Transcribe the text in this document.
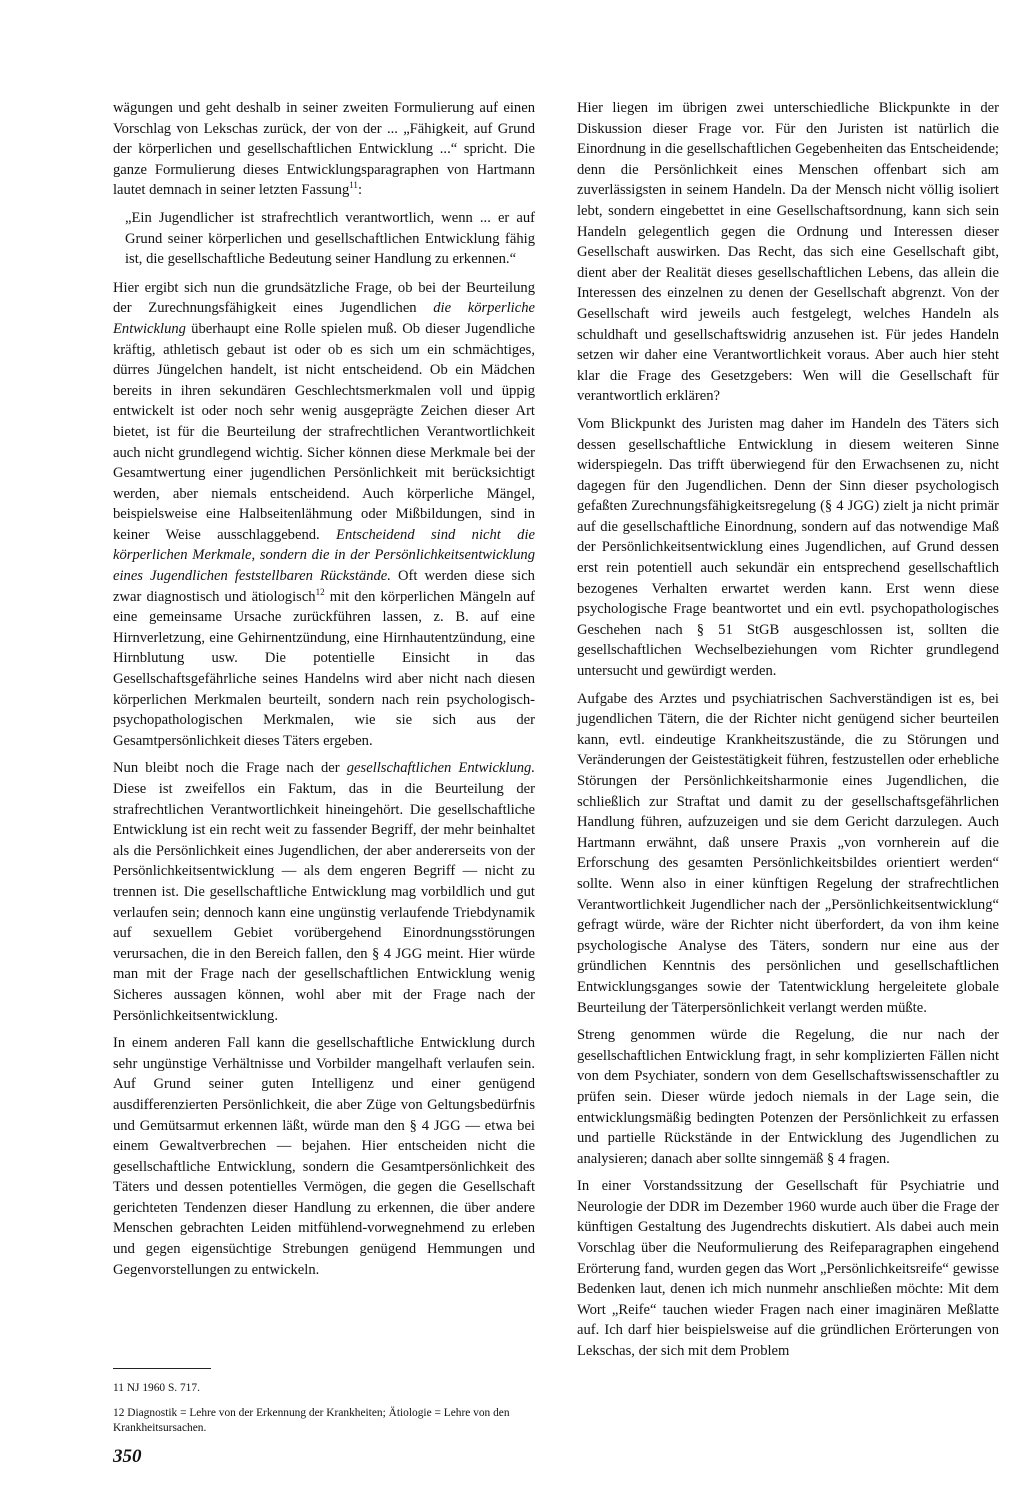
wägungen und geht deshalb in seiner zweiten Formulierung auf einen Vorschlag von Lekschas zurück, der von der ... „Fähigkeit, auf Grund der körperlichen und gesellschaftlichen Entwicklung ...“ spricht. Die ganze Formulierung dieses Entwicklungsparagraphen von Hartmann lautet demnach in seiner letzten Fassung$^{11}$:

„Ein Jugendlicher ist strafrechtlich verantwortlich, wenn ... er auf Grund seiner körperlichen und gesellschaftlichen Entwicklung fähig ist, die gesellschaftliche Bedeutung seiner Handlung zu erkennen.“

Hier ergibt sich nun die grundsätzliche Frage, ob bei der Beurteilung der Zurechnungsfähigkeit eines Jugendlichen die körperliche Entwicklung überhaupt eine Rolle spielen muß. Ob dieser Jugendliche kräftig, athletisch gebaut ist oder ob es sich um ein schmächtiges, dürres Jüngelchen handelt, ist nicht entscheidend. Ob ein Mädchen bereits in ihren sekundären Geschlechtsmerkmalen voll und üppig entwickelt ist oder noch sehr wenig ausgeprägte Zeichen dieser Art bietet, ist für die Beurteilung der strafrechtlichen Verantwortlichkeit auch nicht grundlegend wichtig. Sicher können diese Merkmale bei der Gesamtwertung einer jugendlichen Persönlichkeit mit berücksichtigt werden, aber niemals entscheidend. Auch körperliche Mängel, beispielsweise eine Halbseitenlähmung oder Mißbildungen, sind in keiner Weise ausschlaggebend. Entscheidend sind nicht die körperlichen Merkmale, sondern die in der Persönlichkeitsentwicklung eines Jugendlichen feststellbaren Rückstände. Oft werden diese sich zwar diagnostisch und ätiologisch$^{12}$ mit den körperlichen Mängeln auf eine gemeinsame Ursache zurückführen lassen, z. B. auf eine Hirnverletzung, eine Gehirnentzündung, eine Hirnhautentzündung, eine Hirnblutung usw. Die potentielle Einsicht in das Gesellschaftsgefährliche seines Handelns wird aber nicht nach diesen körperlichen Merkmalen beurteilt, sondern nach rein psychologisch-psychopathologischen Merkmalen, wie sie sich aus der Gesamtpersönlichkeit dieses Täters ergeben.

Nun bleibt noch die Frage nach der gesellschaftlichen Entwicklung. Diese ist zweifellos ein Faktum, das in die Beurteilung der strafrechtlichen Verantwortlichkeit hineingehört. Die gesellschaftliche Entwicklung ist ein recht weit zu fassender Begriff, der mehr beinhaltet als die Persönlichkeit eines Jugendlichen, der aber andererseits von der Persönlichkeitsentwicklung — als dem engeren Begriff — nicht zu trennen ist. Die gesellschaftliche Entwicklung mag vorbildlich und gut verlaufen sein; dennoch kann eine ungünstig verlaufende Triebdynamik auf sexuellem Gebiet vorübergehend Einordnungsstörungen verursachen, die in den Bereich fallen, den § 4 JGG meint. Hier würde man mit der Frage nach der gesellschaftlichen Entwicklung wenig Sicheres aussagen können, wohl aber mit der Frage nach der Persönlichkeitsentwicklung.

In einem anderen Fall kann die gesellschaftliche Entwicklung durch sehr ungünstige Verhältnisse und Vorbilder mangelhaft verlaufen sein. Auf Grund seiner guten Intelligenz und einer genügend ausdifferenzierten Persönlichkeit, die aber Züge von Geltungsbedürfnis und Gemütsarmut erkennen läßt, würde man den § 4 JGG — etwa bei einem Gewaltverbrechen — bejahen. Hier entscheiden nicht die gesellschaftliche Entwicklung, sondern die Gesamtpersönlichkeit des Täters und dessen potentielles Vermögen, die gegen die Gesellschaft gerichteten Tendenzen dieser Handlung zu erkennen, die über andere Menschen gebrachten Leiden mitfühlend-vorwegnehmend zu erleben und gegen eigensüchtige Strebungen genügend Hemmungen und Gegenvorstellungen zu entwickeln.

Hier liegen im übrigen zwei unterschiedliche Blickpunkte in der Diskussion dieser Frage vor. Für den Juristen ist natürlich die Einordnung in die gesellschaftlichen Gegebenheiten das Entscheidende; denn die Persönlichkeit eines Menschen offenbart sich am zuverlässigsten in seinem Handeln. Da der Mensch nicht völlig isoliert lebt, sondern eingebettet in eine Gesellschaftsordnung, kann sich sein Handeln gelegentlich gegen die Ordnung und Interessen dieser Gesellschaft auswirken. Das Recht, das sich eine Gesellschaft gibt, dient aber der Realität dieses gesellschaftlichen Lebens, das allein die Interessen des einzelnen zu denen der Gesellschaft abgrenzt. Von der Gesellschaft wird jeweils auch festgelegt, welches Handeln als schuldhaft und gesellschaftswidrig anzusehen ist. Für jedes Handeln setzen wir daher eine Verantwortlichkeit voraus. Aber auch hier steht klar die Frage des Gesetzgebers: Wen will die Gesellschaft für verantwortlich erklären?

Vom Blickpunkt des Juristen mag daher im Handeln des Täters sich dessen gesellschaftliche Entwicklung in diesem weiteren Sinne widerspiegeln. Das trifft überwiegend für den Erwachsenen zu, nicht dagegen für den Jugendlichen. Denn der Sinn dieser psychologisch gefaßten Zurechnungsfähigkeitsregelung (§ 4 JGG) zielt ja nicht primär auf die gesellschaftliche Einordnung, sondern auf das notwendige Maß der Persönlichkeitsentwicklung eines Jugendlichen, auf Grund dessen erst rein potentiell auch sekundär ein entsprechend gesellschaftlich bezogenes Verhalten erwartet werden kann. Erst wenn diese psychologische Frage beantwortet und ein evtl. psychopathologisches Geschehen nach § 51 StGB ausgeschlossen ist, sollten die gesellschaftlichen Wechselbeziehungen vom Richter grundlegend untersucht und gewürdigt werden.

Aufgabe des Arztes und psychiatrischen Sachverständigen ist es, bei jugendlichen Tätern, die der Richter nicht genügend sicher beurteilen kann, evtl. eindeutige Krankheitszustände, die zu Störungen und Veränderungen der Geistestätigkeit führen, festzustellen oder erhebliche Störungen der Persönlichkeitsharmonie eines Jugendlichen, die schließlich zur Straftat und damit zu der gesellschaftsgefährlichen Handlung führen, aufzuzeigen und sie dem Gericht darzulegen. Auch Hartmann erwähnt, daß unsere Praxis „von vornherein auf die Erforschung des gesamten Persönlichkeitsbildes orientiert werden“ sollte. Wenn also in einer künftigen Regelung der strafrechtlichen Verantwortlichkeit Jugendlicher nach der „Persönlichkeitsentwicklung“ gefragt würde, wäre der Richter nicht überfordert, da von ihm keine psychologische Analyse des Täters, sondern nur eine aus der gründlichen Kenntnis des persönlichen und gesellschaftlichen Entwicklungsganges sowie der Tatentwicklung hergeleitete globale Beurteilung der Täterpersönlichkeit verlangt werden müßte.

Streng genommen würde die Regelung, die nur nach der gesellschaftlichen Entwicklung fragt, in sehr komplizierten Fällen nicht von dem Psychiater, sondern von dem Gesellschaftswissenschaftler zu prüfen sein. Dieser würde jedoch niemals in der Lage sein, die entwicklungsmäßig bedingten Potenzen der Persönlichkeit zu erfassen und partielle Rückstände in der Entwicklung des Jugendlichen zu analysieren; danach aber sollte sinngemäß § 4 fragen.

In einer Vorstandssitzung der Gesellschaft für Psychiatrie und Neurologie der DDR im Dezember 1960 wurde auch über die Frage der künftigen Gestaltung des Jugendrechts diskutiert. Als dabei auch mein Vorschlag über die Neuformulierung des Reifeparagraphen eingehend Erörterung fand, wurden gegen das Wort „Persönlichkeitsreife“ gewisse Bedenken laut, denen ich mich nunmehr anschließen möchte: Mit dem Wort „Reife“ tauchen wieder Fragen nach einer imaginären Meßlatte auf. Ich darf hier beispielsweise auf die gründlichen Erörterungen von Lekschas, der sich mit dem Problem

11 NJ 1960 S. 717.

12 Diagnostik = Lehre von der Erkennung der Krankheiten; Ätiologie = Lehre von den Krankheitsursachen.

350
